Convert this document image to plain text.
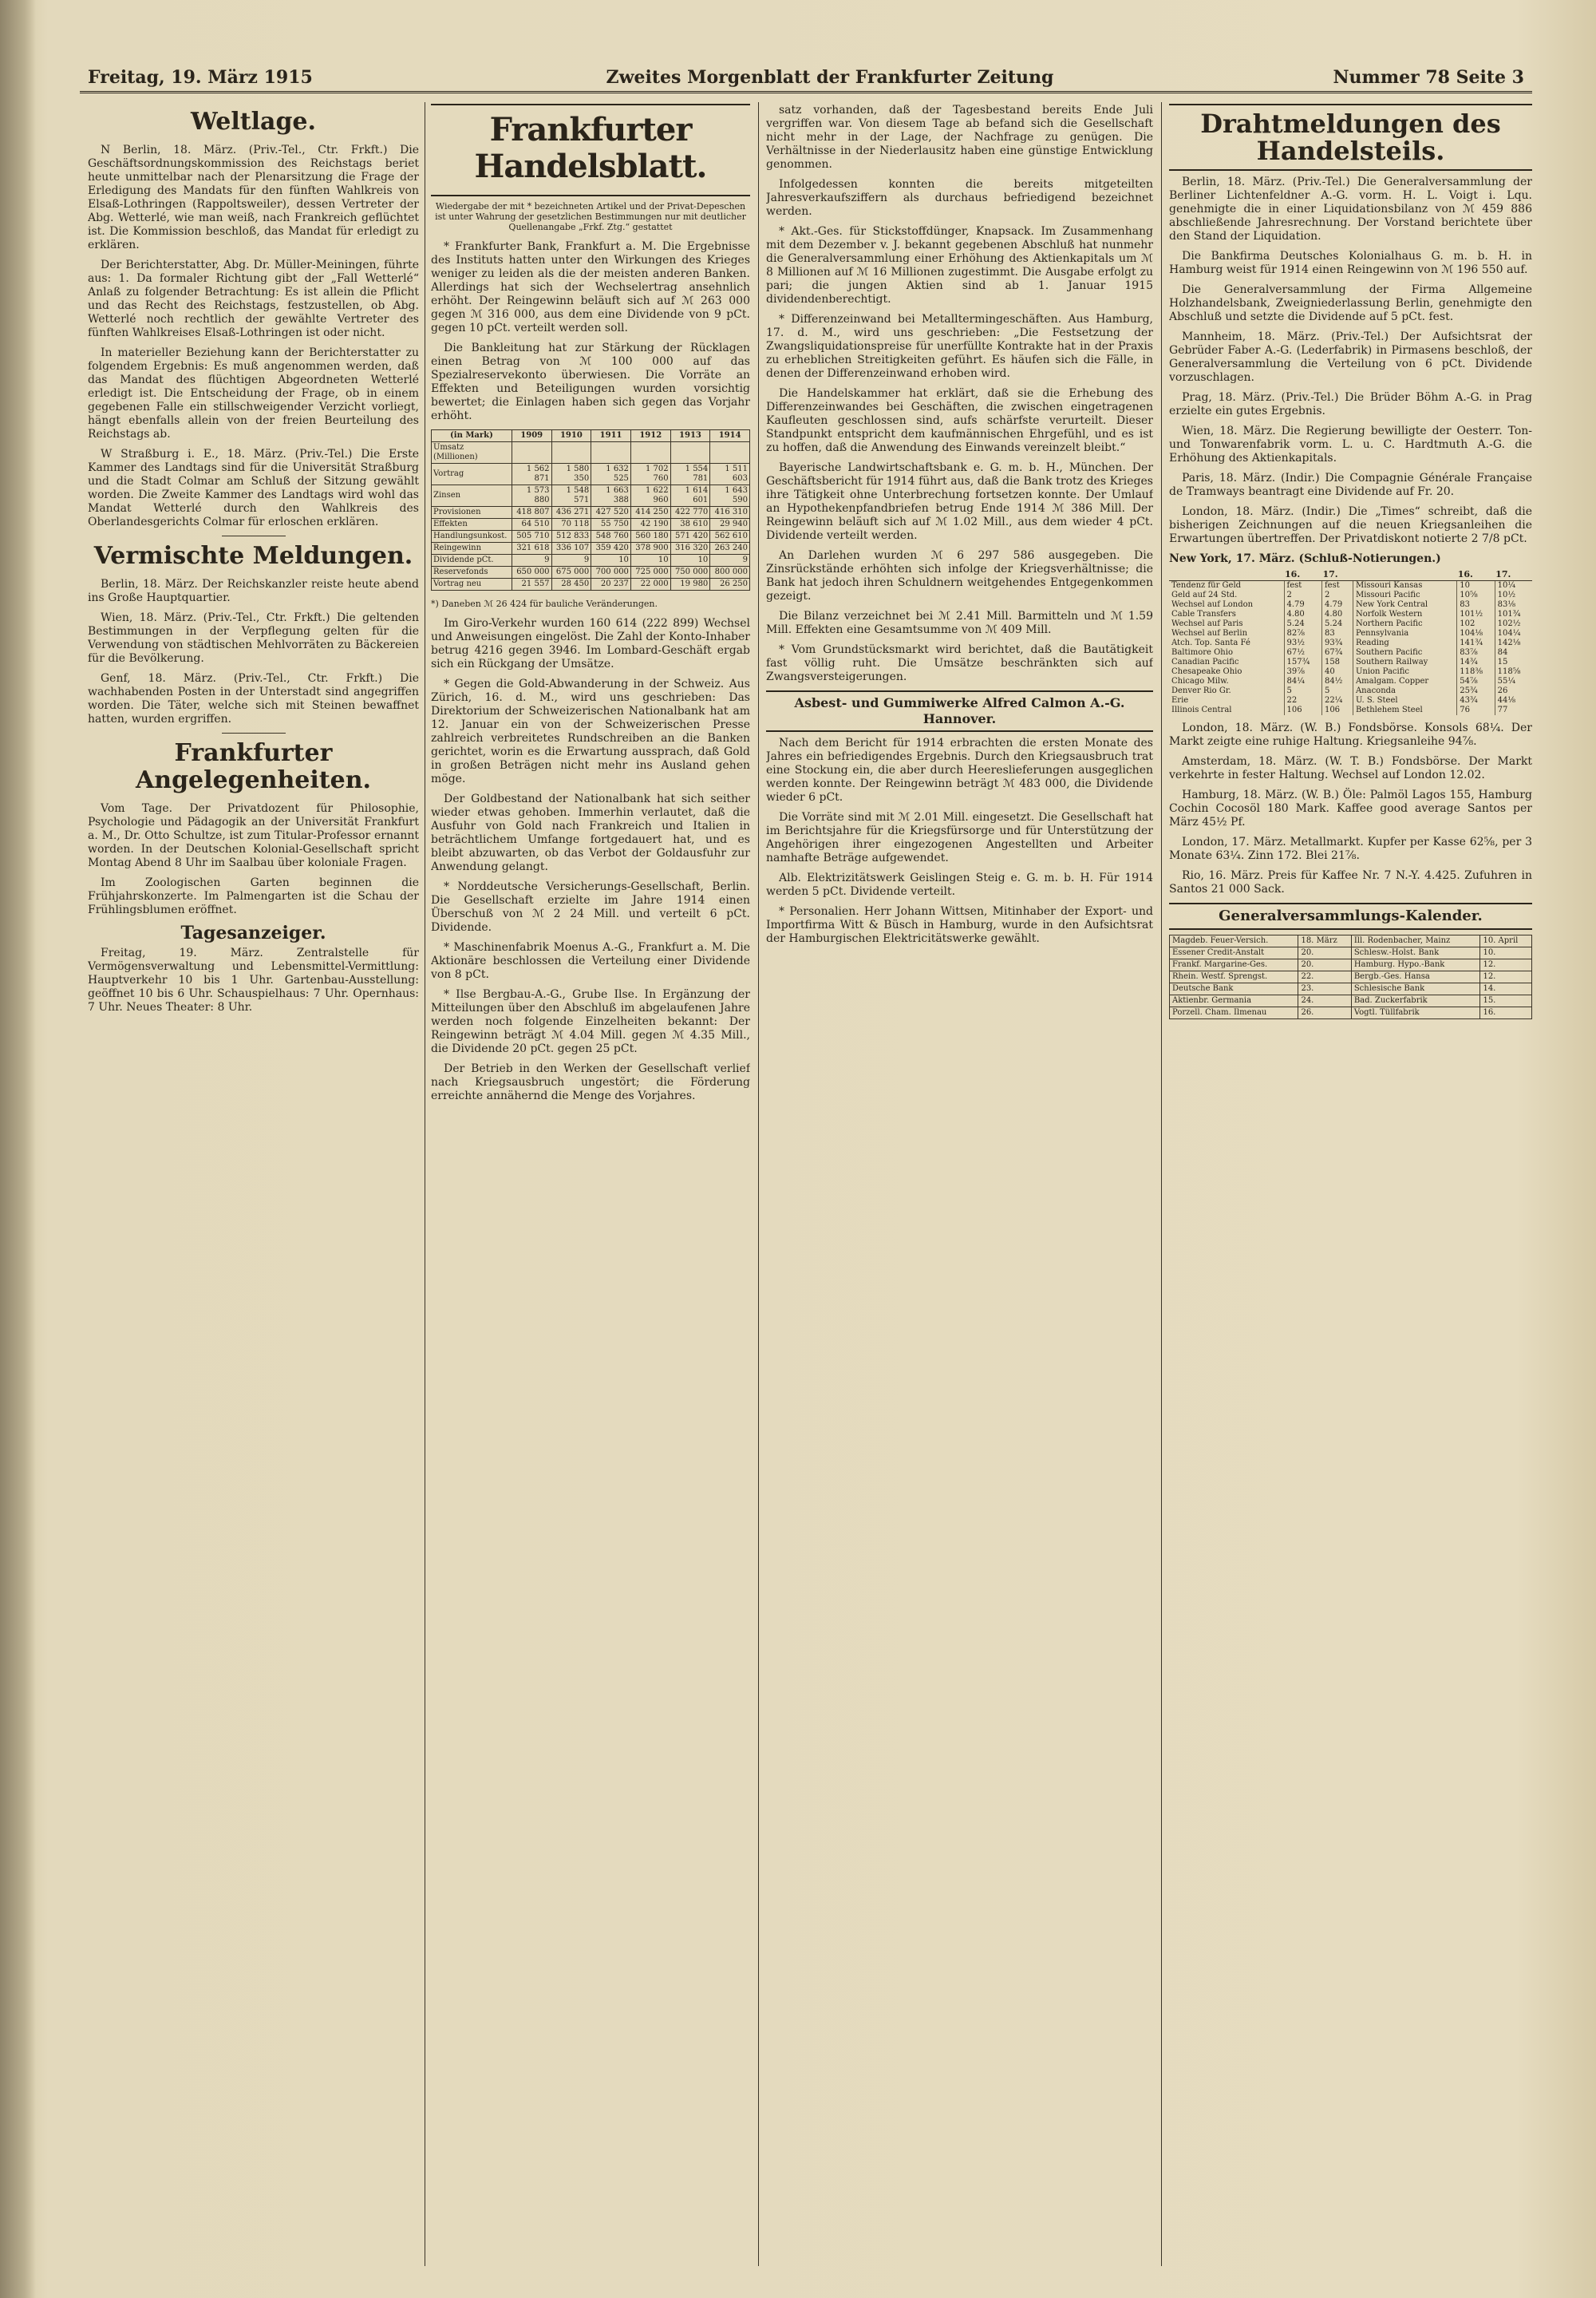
Freitag, 19. März 1915	Zweites Morgenblatt der Frankfurter Zeitung	Nummer 78 Seite 3
Weltlage.

N Berlin, 18. März. (Priv.-Tel., Ctr. Frkft.) Die Geschäftsordnungskommission des Reichstags beriet heute unmittelbar nach der Plenarsitzung die Frage der Erledigung des Mandats für den fünften Wahlkreis von Elsaß-Lothringen (Rappoltsweiler), dessen Vertreter der Abg. Wetterlé, wie man weiß, nach Frankreich geflüchtet ist. Die Kommission beschloß, das Mandat für erledigt zu erklären.

Der Berichterstatter, Abg. Dr. Müller-Meiningen, führte aus: 1. Da formaler Richtung gibt der „Fall Wetterlé“ Anlaß zu folgender Betrachtung: Es ist allein die Pflicht und das Recht des Reichstags, festzustellen, ob Abg. Wetterlé noch rechtlich der gewählte Vertreter des fünften Wahlkreises Elsaß-Lothringen ist oder nicht.

In materieller Beziehung kann der Berichterstatter zu folgendem Ergebnis: Es muß angenommen werden, daß das Mandat des flüchtigen Abgeordneten Wetterlé erledigt ist. Die Entscheidung der Frage, ob in einem gegebenen Falle ein stillschweigender Verzicht vorliegt, hängt ebenfalls allein von der freien Beurteilung des Reichstags ab.

W Straßburg i. E., 18. März. (Priv.-Tel.) Die Erste Kammer des Landtags sind für die Universität Straßburg und die Stadt Colmar am Schluß der Sitzung gewählt worden. Die Zweite Kammer des Landtags wird wohl das Mandat Wetterlé durch den Wahlkreis des Oberlandesgerichts Colmar für erloschen erklären.

Vermischte Meldungen.

Berlin, 18. März. Der Reichskanzler reiste heute abend ins Große Hauptquartier.

Wien, 18. März. (Priv.-Tel., Ctr. Frkft.) Die geltenden Bestimmungen in der Verpflegung gelten für die Verwendung von städtischen Mehlvorräten zu Bäckereien für die Bevölkerung.

Genf, 18. März. (Priv.-Tel., Ctr. Frkft.) Die wachhabenden Posten in der Unterstadt sind angegriffen worden. Die Täter, welche sich mit Steinen bewaffnet hatten, wurden ergriffen.

Frankfurter Angelegenheiten.

Vom Tage. Der Privatdozent für Philosophie, Psychologie und Pädagogik an der Universität Frankfurt a. M., Dr. Otto Schultze, ist zum Titular-Professor ernannt worden. In der Deutschen Kolonial-Gesellschaft spricht Montag Abend 8 Uhr im Saalbau über koloniale Fragen.

Im Zoologischen Garten beginnen die Frühjahrskonzerte. Im Palmengarten ist die Schau der Frühlingsblumen eröffnet.

Tagesanzeiger.

Freitag, 19. März. Zentralstelle für Vermögensverwaltung und Lebensmittel-Vermittlung: Hauptverkehr 10 bis 1 Uhr. Gartenbau-Ausstellung: geöffnet 10 bis 6 Uhr. Schauspielhaus: 7 Uhr. Opernhaus: 7 Uhr. Neues Theater: 8 Uhr.

Frankfurter Handelsblatt.
Wiedergabe der mit * bezeichneten Artikel und der Privat-Depeschen ist unter Wahrung der gesetzlichen Bestimmungen nur mit deutlicher Quellenangabe „Frkf. Ztg.“ gestattet

* Frankfurter Bank, Frankfurt a. M. Die Ergebnisse des Instituts hatten unter den Wirkungen des Krieges weniger zu leiden als die der meisten anderen Banken. Allerdings hat sich der Wechselertrag ansehnlich erhöht. Der Reingewinn beläuft sich auf ℳ 263 000 gegen ℳ 316 000, aus dem eine Dividende von 9 pCt. gegen 10 pCt. verteilt werden soll.

Die Bankleitung hat zur Stärkung der Rücklagen einen Betrag von ℳ 100 000 auf das Spezialreservekonto überwiesen. Die Vorräte an Effekten und Beteiligungen wurden vorsichtig bewertet; die Einlagen haben sich gegen das Vorjahr erhöht.

(in Mark)	1909	1910	1911	1912	1913	1914
Umsatz (Millionen)						
Vortrag	1 562 871	1 580 350	1 632 525	1 702 760	1 554 781	1 511 603
Zinsen	1 573 880	1 548 571	1 663 388	1 622 960	1 614 601	1 643 590
Provisionen	418 807	436 271	427 520	414 250	422 770	416 310
Effekten	64 510	70 118	55 750	42 190	38 610	29 940
Handlungsunkost.	505 710	512 833	548 760	560 180	571 420	562 610
Reingewinn	321 618	336 107	359 420	378 900	316 320	263 240
Dividende pCt.	9	9	10	10	10	9
Reservefonds	650 000	675 000	700 000	725 000	750 000	800 000
Vortrag neu	21 557	28 450	20 237	22 000	19 980	26 250
*) Daneben ℳ 26 424 für bauliche Veränderungen.

Im Giro-Verkehr wurden 160 614 (222 899) Wechsel und Anweisungen eingelöst. Die Zahl der Konto-Inhaber betrug 4216 gegen 3946. Im Lombard-Geschäft ergab sich ein Rückgang der Umsätze.

* Gegen die Gold-Abwanderung in der Schweiz. Aus Zürich, 16. d. M., wird uns geschrieben: Das Direktorium der Schweizerischen Nationalbank hat am 12. Januar ein von der Schweizerischen Presse zahlreich verbreitetes Rundschreiben an die Banken gerichtet, worin es die Erwartung aussprach, daß Gold in großen Beträgen nicht mehr ins Ausland gehen möge.

Der Goldbestand der Nationalbank hat sich seither wieder etwas gehoben. Immerhin verlautet, daß die Ausfuhr von Gold nach Frankreich und Italien in beträchtlichem Umfange fortgedauert hat, und es bleibt abzuwarten, ob das Verbot der Goldausfuhr zur Anwendung gelangt.

* Norddeutsche Versicherungs-Gesellschaft, Berlin. Die Gesellschaft erzielte im Jahre 1914 einen Überschuß von ℳ 2 24 Mill. und verteilt 6 pCt. Dividende.

* Maschinenfabrik Moenus A.-G., Frankfurt a. M. Die Aktionäre beschlossen die Verteilung einer Dividende von 8 pCt.

* Ilse Bergbau-A.-G., Grube Ilse. In Ergänzung der Mitteilungen über den Abschluß im abgelaufenen Jahre werden noch folgende Einzelheiten bekannt: Der Reingewinn beträgt ℳ 4.04 Mill. gegen ℳ 4.35 Mill., die Dividende 20 pCt. gegen 25 pCt.

Der Betrieb in den Werken der Gesellschaft verlief nach Kriegsausbruch ungestört; die Förderung erreichte annähernd die Menge des Vorjahres.

satz vorhanden, daß der Tagesbestand bereits Ende Juli vergriffen war. Von diesem Tage ab befand sich die Gesellschaft nicht mehr in der Lage, der Nachfrage zu genügen. Die Verhältnisse in der Niederlausitz haben eine günstige Entwicklung genommen.

Infolgedessen konnten die bereits mitgeteilten Jahresverkaufsziffern als durchaus befriedigend bezeichnet werden.

* Akt.-Ges. für Stickstoffdünger, Knapsack. Im Zusammenhang mit dem Dezember v. J. bekannt gegebenen Abschluß hat nunmehr die Generalversammlung einer Erhöhung des Aktienkapitals um ℳ 8 Millionen auf ℳ 16 Millionen zugestimmt. Die Ausgabe erfolgt zu pari; die jungen Aktien sind ab 1. Januar 1915 dividendenberechtigt.

* Differenzeinwand bei Metalltermingeschäften. Aus Hamburg, 17. d. M., wird uns geschrieben: „Die Festsetzung der Zwangsliquidationspreise für unerfüllte Kontrakte hat in der Praxis zu erheblichen Streitigkeiten geführt. Es häufen sich die Fälle, in denen der Differenzeinwand erhoben wird.

Die Handelskammer hat erklärt, daß sie die Erhebung des Differenzeinwandes bei Geschäften, die zwischen eingetragenen Kaufleuten geschlossen sind, aufs schärfste verurteilt. Dieser Standpunkt entspricht dem kaufmännischen Ehrgefühl, und es ist zu hoffen, daß die Anwendung des Einwands vereinzelt bleibt.“

Bayerische Landwirtschaftsbank e. G. m. b. H., München. Der Geschäftsbericht für 1914 führt aus, daß die Bank trotz des Krieges ihre Tätigkeit ohne Unterbrechung fortsetzen konnte. Der Umlauf an Hypothekenpfandbriefen betrug Ende 1914 ℳ 386 Mill. Der Reingewinn beläuft sich auf ℳ 1.02 Mill., aus dem wieder 4 pCt. Dividende verteilt werden.

An Darlehen wurden ℳ 6 297 586 ausgegeben. Die Zinsrückstände erhöhten sich infolge der Kriegsverhältnisse; die Bank hat jedoch ihren Schuldnern weitgehendes Entgegenkommen gezeigt.

Die Bilanz verzeichnet bei ℳ 2.41 Mill. Barmitteln und ℳ 1.59 Mill. Effekten eine Gesamtsumme von ℳ 409 Mill.

* Vom Grundstücksmarkt wird berichtet, daß die Bautätigkeit fast völlig ruht. Die Umsätze beschränkten sich auf Zwangsversteigerungen.

Asbest- und Gummiwerke Alfred Calmon A.-G. Hannover.

Nach dem Bericht für 1914 erbrachten die ersten Monate des Jahres ein befriedigendes Ergebnis. Durch den Kriegsausbruch trat eine Stockung ein, die aber durch Heereslieferungen ausgeglichen werden konnte. Der Reingewinn beträgt ℳ 483 000, die Dividende wieder 6 pCt.

Die Vorräte sind mit ℳ 2.01 Mill. eingesetzt. Die Gesellschaft hat im Berichtsjahre für die Kriegsfürsorge und für Unterstützung der Angehörigen ihrer eingezogenen Angestellten und Arbeiter namhafte Beträge aufgewendet.

Alb. Elektrizitätswerk Geislingen Steig e. G. m. b. H. Für 1914 werden 5 pCt. Dividende verteilt.

* Personalien. Herr Johann Wittsen, Mitinhaber der Export- und Importfirma Witt & Büsch in Hamburg, wurde in den Aufsichtsrat der Hamburgischen Elektricitätswerke gewählt.

Drahtmeldungen des Handelsteils.

Berlin, 18. März. (Priv.-Tel.) Die Generalversammlung der Berliner Lichtenfeldner A.-G. vorm. H. L. Voigt i. Lqu. genehmigte die in einer Liquidationsbilanz von ℳ 459 886 abschließende Jahresrechnung. Der Vorstand berichtete über den Stand der Liquidation.

Die Bankfirma Deutsches Kolonialhaus G. m. b. H. in Hamburg weist für 1914 einen Reingewinn von ℳ 196 550 auf.

Die Generalversammlung der Firma Allgemeine Holzhandelsbank, Zweigniederlassung Berlin, genehmigte den Abschluß und setzte die Dividende auf 5 pCt. fest.

Mannheim, 18. März. (Priv.-Tel.) Der Aufsichtsrat der Gebrüder Faber A.-G. (Lederfabrik) in Pirmasens beschloß, der Generalversammlung die Verteilung von 6 pCt. Dividende vorzuschlagen.

Prag, 18. März. (Priv.-Tel.) Die Brüder Böhm A.-G. in Prag erzielte ein gutes Ergebnis.

Wien, 18. März. Die Regierung bewilligte der Oesterr. Ton- und Tonwarenfabrik vorm. L. u. C. Hardtmuth A.-G. die Erhöhung des Aktienkapitals.

Paris, 18. März. (Indir.) Die Compagnie Générale Française de Tramways beantragt eine Dividende auf Fr. 20.

London, 18. März. (Indir.) Die „Times“ schreibt, daß die bisherigen Zeichnungen auf die neuen Kriegsanleihen die Erwartungen übertreffen. Der Privatdiskont notierte 2 7/8 pCt.

New York, 17. März. (Schluß-Notierungen.)
	16.	17.		16.	17.
Tendenz für Geld	fest	fest	Missouri Kansas	10	10¼
Geld auf 24 Std.	2	2	Missouri Pacific	10⅝	10½
Wechsel auf London	4.79	4.79	New York Central	83	83⅛
Cable Transfers	4.80	4.80	Norfolk Western	101½	101¾
Wechsel auf Paris	5.24	5.24	Northern Pacific	102	102½
Wechsel auf Berlin	82⅞	83	Pennsylvania	104⅛	104¼
Atch. Top. Santa Fé	93½	93¾	Reading	141¾	142⅛
Baltimore Ohio	67½	67¾	Southern Pacific	83⅞	84
Canadian Pacific	157¾	158	Southern Railway	14¾	15
Chesapeake Ohio	39⅞	40	Union Pacific	118⅜	118⅝
Chicago Milw.	84¼	84½	Amalgam. Copper	54⅞	55¼
Denver Rio Gr.	5	5	Anaconda	25¾	26
Erie	22	22¼	U. S. Steel	43¾	44⅛
Illinois Central	106	106	Bethlehem Steel	76	77

London, 18. März. (W. B.) Fondsbörse. Konsols 68¼. Der Markt zeigte eine ruhige Haltung. Kriegsanleihe 94⅞.

Amsterdam, 18. März. (W. T. B.) Fondsbörse. Der Markt verkehrte in fester Haltung. Wechsel auf London 12.02.

Hamburg, 18. März. (W. B.) Öle: Palmöl Lagos 155, Hamburg Cochin Cocosöl 180 Mark. Kaffee good average Santos per März 45½ Pf.

London, 17. März. Metallmarkt. Kupfer per Kasse 62⅝, per 3 Monate 63¼. Zinn 172. Blei 21⅞.

Rio, 16. März. Preis für Kaffee Nr. 7 N.-Y. 4.425. Zufuhren in Santos 21 000 Sack.

Generalversammlungs-Kalender.
Magdeb. Feuer-Versich.	18. März	Ill. Rodenbacher, Mainz	10. April
Essener Credit-Anstalt	20.	Schlesw.-Holst. Bank	10.
Frankf. Margarine-Ges.	20.	Hamburg. Hypo.-Bank	12.
Rhein. Westf. Sprengst.	22.	Bergb.-Ges. Hansa	12.
Deutsche Bank	23.	Schlesische Bank	14.
Aktienbr. Germania	24.	Bad. Zuckerfabrik	15.
Porzell. Cham. Ilmenau	26.	Vogtl. Tüllfabrik	16.
